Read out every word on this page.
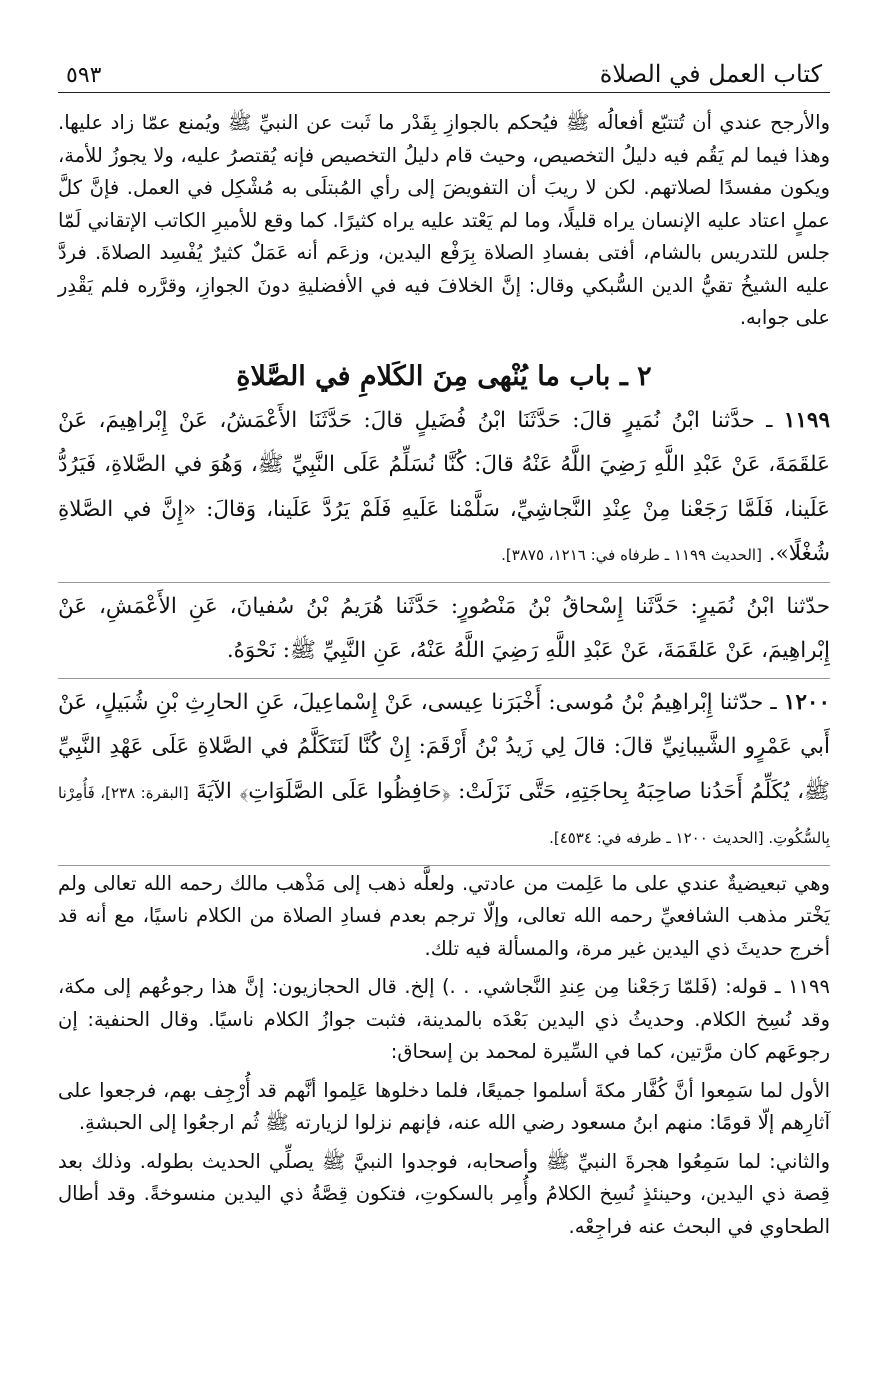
كتاب العمل في الصلاة
٥٩٣

والأرجح عندي أن تُتتبّع أفعالُه ﷺ فيُحكم بالجوازِ بِقَدْر ما ثَبت عن النبيِّ ﷺ ويُمنع عمّا زاد عليها. وهذا فيما لم يَقُم فيه دليلُ التخصيص، وحيث قام دليلُ التخصيص فإنه يُقتصرُ عليه، ولا يجوزُ للأمة، ويكون مفسدًا لصلاتهم. لكن لا ريبَ أن التفويضَ إلى رأي المُبتلَى به مُشْكِل في العمل. فإنَّ كلَّ عملٍ اعتاد عليه الإنسان يراه قليلًا، وما لم يَعْتد عليه يراه كثيرًا. كما وقع للأميرِ الكاتب الإتقاني لَمّا جلس للتدريس بالشام، أفتى بفسادِ الصلاة بِرَفْع اليدين، وزعَم أنه عَمَلٌ كثيرٌ يُفْسِد الصلاةَ. فردَّ عليه الشيخُ تقيُّ الدين السُّبكي وقال: إنَّ الخلافَ فيه في الأفضليةِ دونَ الجوازِ، وقرَّره فلم يَقْدِر على جوابه.

٢ ـ باب ما يُنْهى مِنَ الكَلامِ في الصَّلاةِ

١١٩٩ ـ حدَّثنا ابْنُ نُمَيرٍ قالَ: حَدَّثَنَا ابْنُ فُضَيلٍ قالَ: حَدَّثَنَا الأَعْمَشُ، عَنْ إِبْراهِيمَ، عَنْ عَلقَمَةَ، عَنْ عَبْدِ اللَّهِ رَضِيَ اللَّهُ عَنْهُ قالَ: كُنَّا نُسَلِّمُ عَلَى النَّبِيِّ ﷺ، وَهُوَ في الصَّلاةِ، فَيَرُدُّ عَلَينا، فَلَمَّا رَجَعْنا مِنْ عِنْدِ النَّجاشِيِّ، سَلَّمْنا عَلَيهِ فَلَمْ يَرُدَّ عَلَينا، وَقالَ: «إِنَّ في الصَّلاةِ شُغْلًا». [الحديث ١١٩٩ ـ طرفاه في: ١٢١٦، ٣٨٧٥].

حدّثنا ابْنُ نُمَيرٍ: حَدَّثَنا إِسْحاقُ بْنُ مَنْصُورٍ: حَدَّثَنا هُرَيمُ بْنُ سُفيانَ، عَنِ الأَعْمَشِ، عَنْ إِبْراهِيمَ، عَنْ عَلقَمَةَ، عَنْ عَبْدِ اللَّهِ رَضِيَ اللَّهُ عَنْهُ، عَنِ النَّبِيِّ ﷺ: نَحْوَهُ.

١٢٠٠ ـ حدّثنا إِبْراهِيمُ بْنُ مُوسى: أَخْبَرَنا عِيسى، عَنْ إِسْماعِيلَ، عَنِ الحارِثِ بْنِ شُبَيلٍ، عَنْ أَبي عَمْرٍو الشَّيبانِيِّ قالَ: قالَ لِي زَيدُ بْنُ أَرْقَمَ: إِنْ كُنَّا لَنَتَكَلَّمُ في الصَّلاةِ عَلَى عَهْدِ النَّبِيِّ ﷺ، يُكَلِّمُ أَحَدُنا صاحِبَهُ بِحاجَتِهِ، حَتَّى نَزَلَتْ: ﴿حَافِظُوا عَلَى الصَّلَوَاتِ﴾ الآيَةَ [البقرة: ٢٣٨]، فَأُمِرْنا بِالسُّكُوتِ. [الحديث ١٢٠٠ ـ طرفه في: ٤٥٣٤].

وهي تبعيضيةٌ عندي على ما عَلِمت من عادتي. ولعلَّه ذهب إلى مَذْهب مالك رحمه الله تعالى ولم يَخْتر مذهب الشافعيِّ رحمه الله تعالى، وإلّا ترجم بعدم فسادِ الصلاة من الكلام ناسيًا، مع أنه قد أخرج حديثَ ذي اليدين غير مرة، والمسألة فيه تلك.

١١٩٩ ـ قوله: (فَلمّا رَجَعْنا مِن عِندِ النَّجاشي. . .) إلخ. قال الحجازيون: إنَّ هذا رجوعُهم إلى مكة، وقد نُسِخ الكلام. وحديثُ ذي اليدين بَعْدَه بالمدينة، فثبت جوازُ الكلام ناسيًا. وقال الحنفية: إن رجوعَهم كان مرَّتين، كما في السِّيرة لمحمد بن إسحاق:

الأول لما سَمِعوا أنَّ كُفَّار مكةَ أسلموا جميعًا، فلما دخلوها عَلِموا أنَّهم قد أُرْجِف بهم، فرجعوا على آثارِهم إلّا قومًا: منهم ابنُ مسعود رضي الله عنه، فإنهم نزلوا لزيارته ﷺ ثُم ارجعُوا إلى الحبشةِ.

والثاني: لما سَمِعُوا هجرةَ النبيِّ ﷺ وأصحابه، فوجدوا النبيَّ ﷺ يصلِّي الحديث بطوله. وذلك بعد قِصة ذي اليدين، وحينئذٍ نُسِخ الكلامُ وأُمِر بالسكوتِ، فتكون قِصَّةُ ذي اليدين منسوخةً. وقد أطال الطحاوي في البحث عنه فراجِعْه.
